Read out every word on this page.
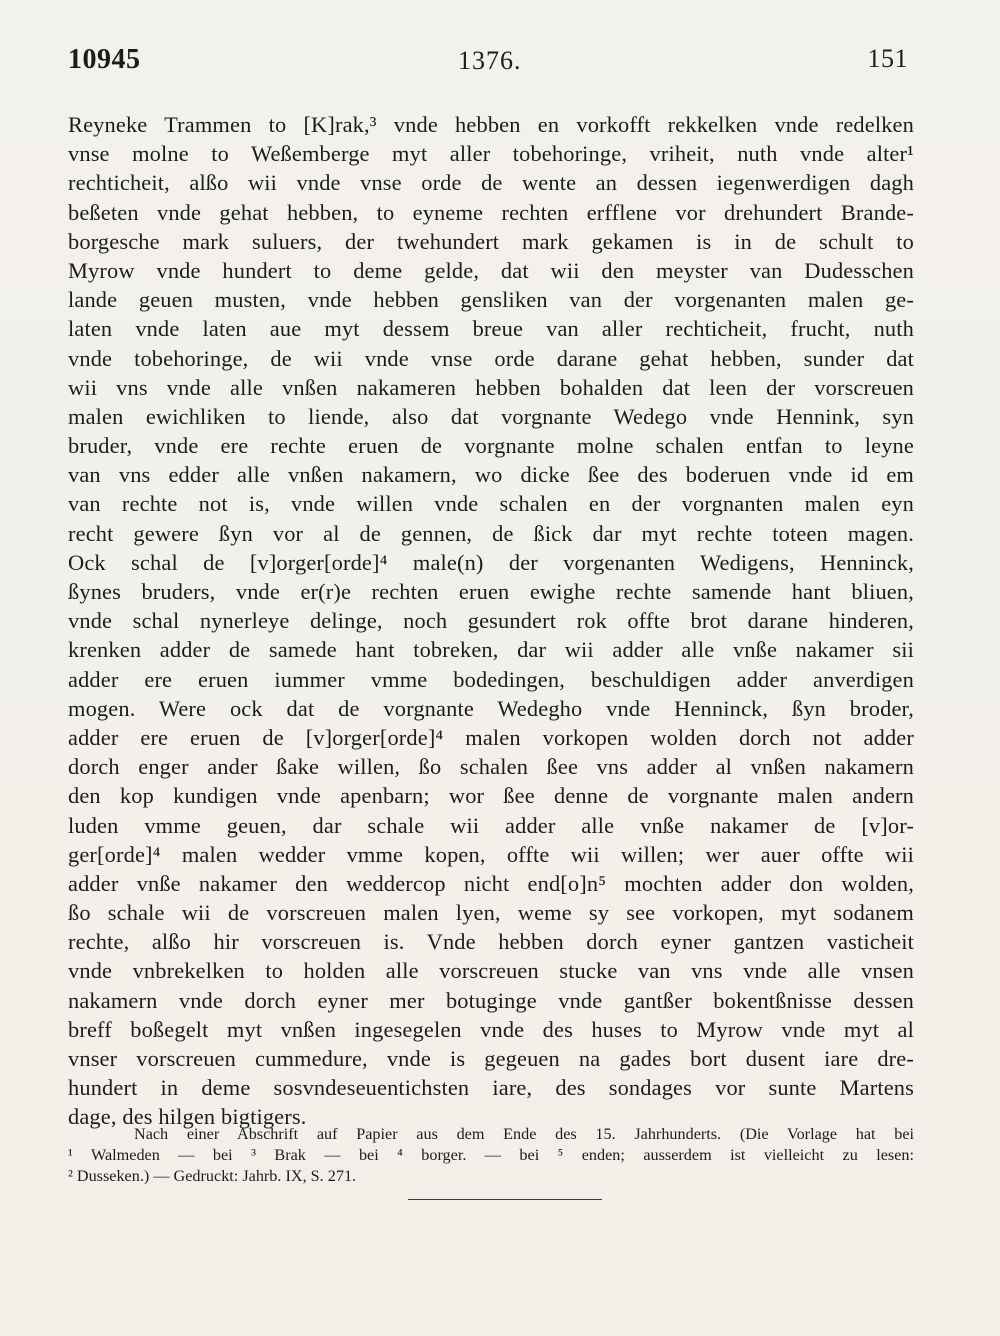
10945	1376.	151
Reyneke Trammen to [K]rak,³ vnde hebben en vorkofft rekkelken vnde redelken
vnse molne to Weßemberge myt aller tobehoringe, vriheit, nuth vnde alter¹
rechticheit, alßo wii vnde vnse orde de wente an dessen iegenwerdigen dagh
beßeten vnde gehat hebben, to eyneme rechten erfflene vor drehundert Brande-
borgesche mark suluers, der twehundert mark gekamen is in de schult to
Myrow vnde hundert to deme gelde, dat wii den meyster van Dudesschen
lande geuen musten, vnde hebben gensliken van der vorgenanten malen ge-
laten vnde laten aue myt dessem breue van aller rechticheit, frucht, nuth
vnde tobehoringe, de wii vnde vnse orde darane gehat hebben, sunder dat
wii vns vnde alle vnßen nakameren hebben bohalden dat leen der vorscreuen
malen ewichliken to liende, also dat vorgnante Wedego vnde Hennink, syn
bruder, vnde ere rechte eruen de vorgnante molne schalen entfan to leyne
van vns edder alle vnßen nakamern, wo dicke ßee des boderuen vnde id em
van rechte not is, vnde willen vnde schalen en der vorgnanten malen eyn
recht gewere ßyn vor al de gennen, de ßick dar myt rechte toteen magen.
Ock schal de [v]orger[orde]⁴ male(n) der vorgenanten Wedigens, Henninck,
ßynes bruders, vnde er(r)e rechten eruen ewighe rechte samende hant bliuen,
vnde schal nynerleye delinge, noch gesundert rok offte brot darane hinderen,
krenken adder de samede hant tobreken, dar wii adder alle vnße nakamer sii
adder ere eruen iummer vmme bodedingen, beschuldigen adder anverdigen
mogen. Were ock dat de vorgnante Wedegho vnde Henninck, ßyn broder,
adder ere eruen de [v]orger[orde]⁴ malen vorkopen wolden dorch not adder
dorch enger ander ßake willen, ßo schalen ßee vns adder al vnßen nakamern
den kop kundigen vnde apenbarn; wor ßee denne de vorgnante malen andern
luden vmme geuen, dar schale wii adder alle vnße nakamer de [v]or-
ger[orde]⁴ malen wedder vmme kopen, offte wii willen; wer auer offte wii
adder vnße nakamer den weddercop nicht end[o]n⁵ mochten adder don wolden,
ßo schale wii de vorscreuen malen lyen, weme sy see vorkopen, myt sodanem
rechte, alßo hir vorscreuen is. Vnde hebben dorch eyner gantzen vasticheit
vnde vnbrekelken to holden alle vorscreuen stucke van vns vnde alle vnsen
nakamern vnde dorch eyner mer botuginge vnde gantßer bokentßnisse dessen
breff boßegelt myt vnßen ingesegelen vnde des huses to Myrow vnde myt al
vnser vorscreuen cummedure, vnde is gegeuen na gades bort dusent iare dre-
hundert in deme sosvndeseuentichsten iare, des sondages vor sunte Martens
dage, des hilgen bigtigers.
Nach einer Abschrift auf Papier aus dem Ende des 15. Jahrhunderts. (Die Vorlage hat bei
¹ Walmeden — bei ³ Brak — bei ⁴ borger. — bei ⁵ enden; ausserdem ist vielleicht zu lesen:
² Dusseken.) — Gedruckt: Jahrb. IX, S. 271.
